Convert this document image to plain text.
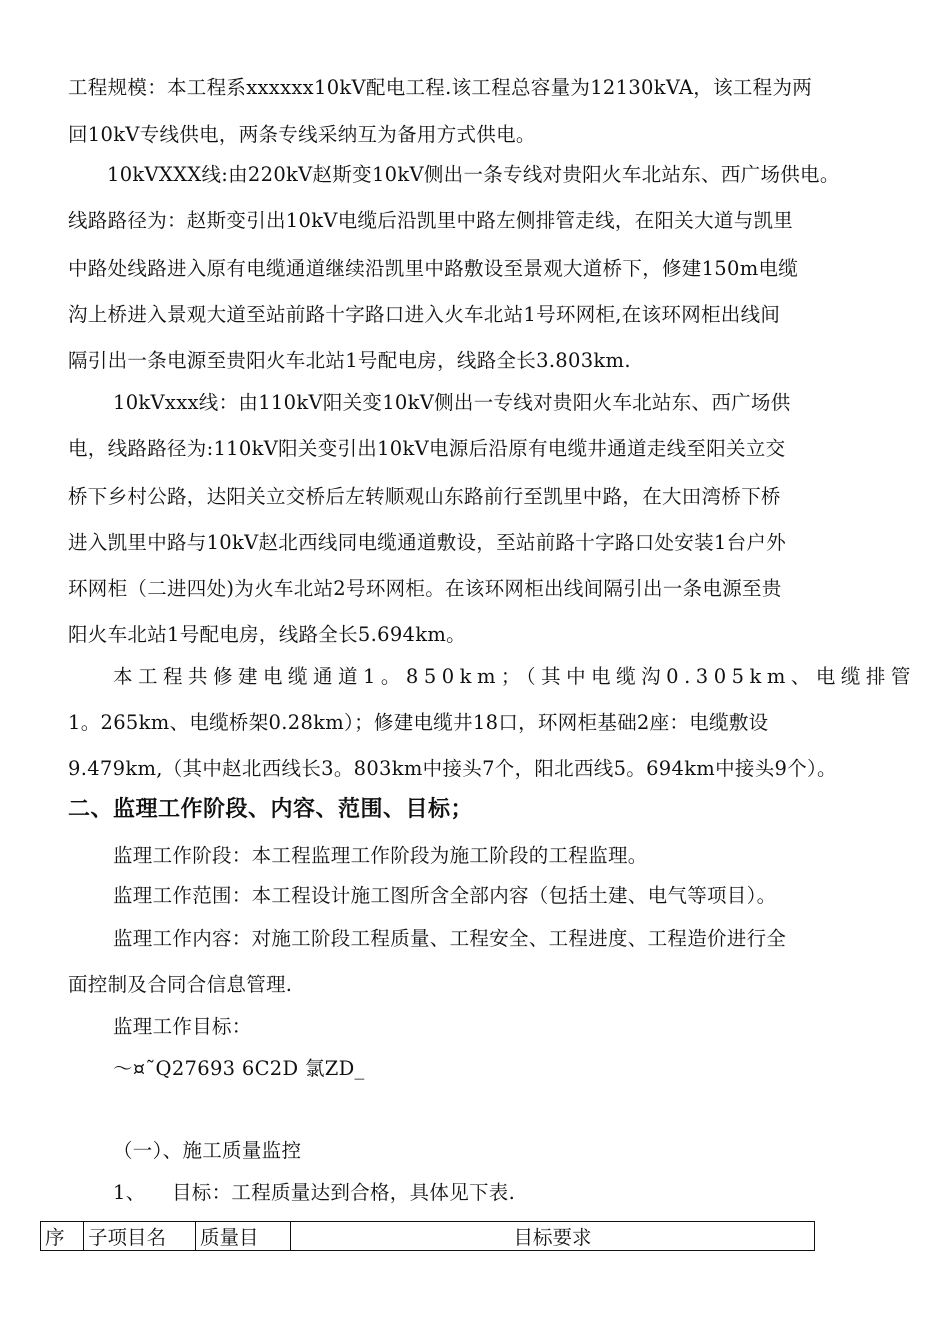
工程规模：本工程系xxxxxx10kV配电工程.该工程总容量为12130kVA，该工程为两
回10kV专线供电，两条专线采纳互为备用方式供电。
10kVXXX线:由220kV赵斯变10kV侧出一条专线对贵阳火车北站东、西广场供电。
线路路径为：赵斯变引出10kV电缆后沿凯里中路左侧排管走线，在阳关大道与凯里
中路处线路进入原有电缆通道继续沿凯里中路敷设至景观大道桥下，修建150m电缆
沟上桥进入景观大道至站前路十字路口进入火车北站1号环网柜,在该环网柜出线间
隔引出一条电源至贵阳火车北站1号配电房，线路全长3.803km.
10kVxxx线：由110kV阳关变10kV侧出一专线对贵阳火车北站东、西广场供
电，线路路径为:110kV阳关变引出10kV电源后沿原有电缆井通道走线至阳关立交
桥下乡村公路，达阳关立交桥后左转顺观山东路前行至凯里中路，在大田湾桥下桥
进入凯里中路与10kV赵北西线同电缆通道敷设，至站前路十字路口处安装1台户外
环网柜（二进四处)为火车北站2号环网柜。在该环网柜出线间隔引出一条电源至贵
阳火车北站1号配电房，线路全长5.694km。
本工程共修建电缆通道1。850km；（其中电缆沟0.305km、电缆排管
1。265km、电缆桥架0.28km）；修建电缆井18口，环网柜基础2座：电缆敷设
9.479km,（其中赵北西线长3。803km中接头7个，阳北西线5。694km中接头9个）。
二、监理工作阶段、内容、范围、目标；
监理工作阶段：本工程监理工作阶段为施工阶段的工程监理。
监理工作范围：本工程设计施工图所含全部内容（包括土建、电气等项目）。
监理工作内容：对施工阶段工程质量、工程安全、工程进度、工程造价进行全
面控制及合同合信息管理.
监理工作目标：
～¤˜Q27693 6C2D 氯ZD_
（一）、施工质量监控
1、 目标：工程质量达到合格，具体见下表.
序	子项目名	质量目	目标要求
